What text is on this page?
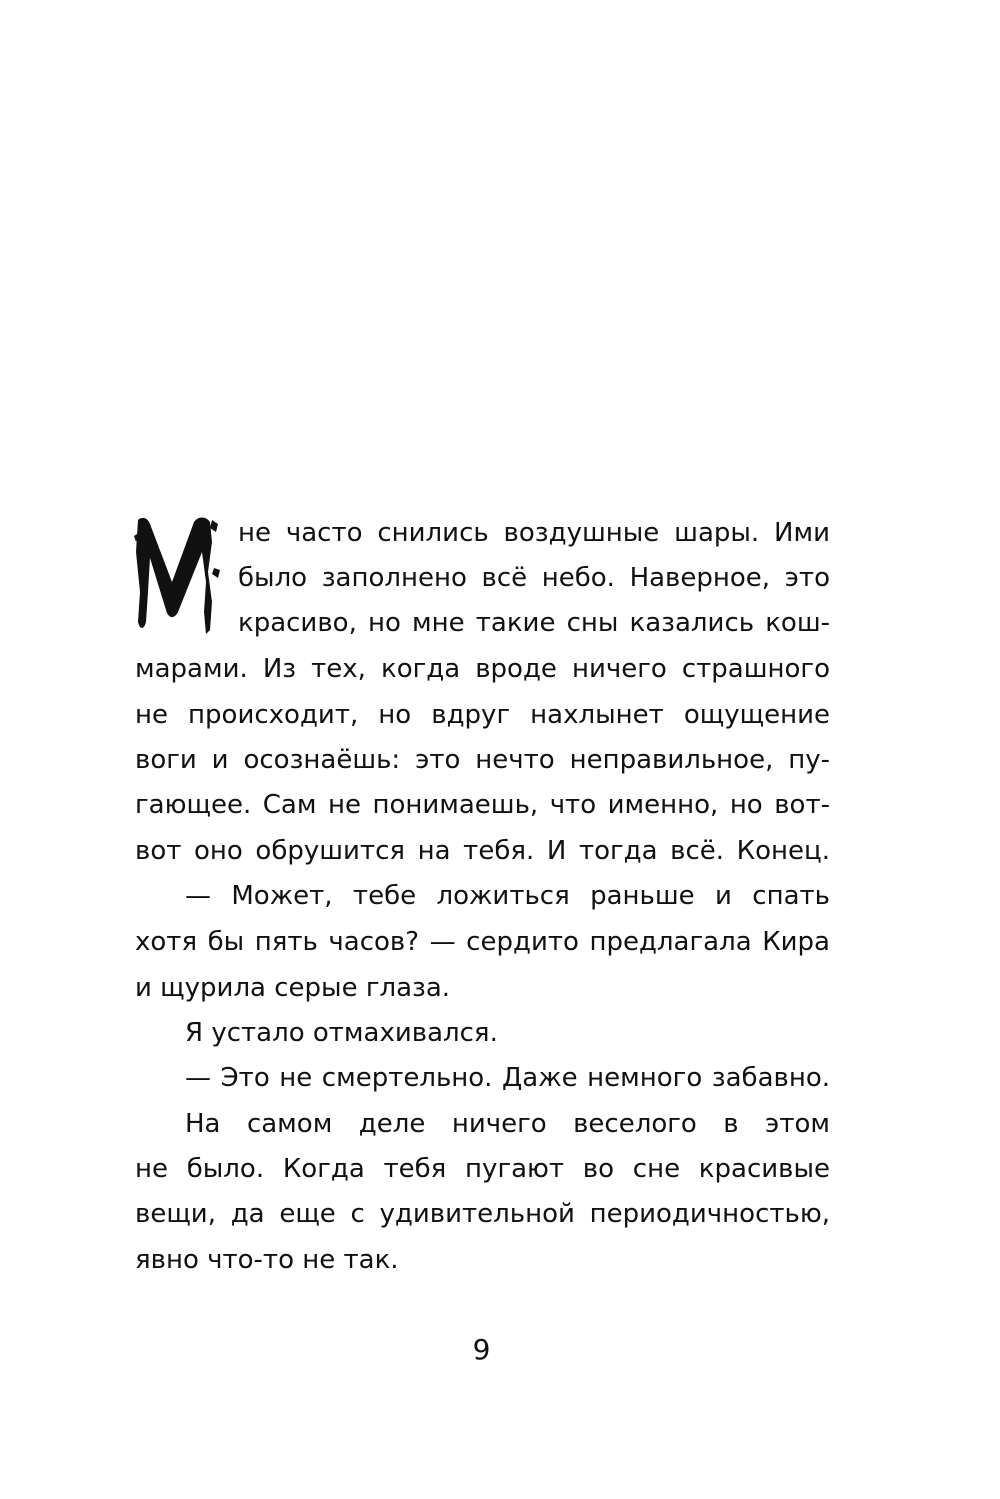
не часто снились воздушные шары. Ими
было заполнено всё небо. Наверное, это
красиво, но мне такие сны казались кош-
марами. Из тех, когда вроде ничего страшного
не происходит, но вдруг нахлынет ощущение
воги и осознаёшь: это нечто неправильное, пу-
гающее. Сам не понимаешь, что именно, но вот-
вот оно обрушится на тебя. И тогда всё. Конец.
— Может, тебе ложиться раньше и спать
хотя бы пять часов? — сердито предлагала Кира
и щурила серые глаза.
Я устало отмахивался.
— Это не смертельно. Даже немного забавно.
На самом деле ничего веселого в этом
не было. Когда тебя пугают во сне красивые
вещи, да еще с удивительной периодичностью,
явно что-то не так.
9
